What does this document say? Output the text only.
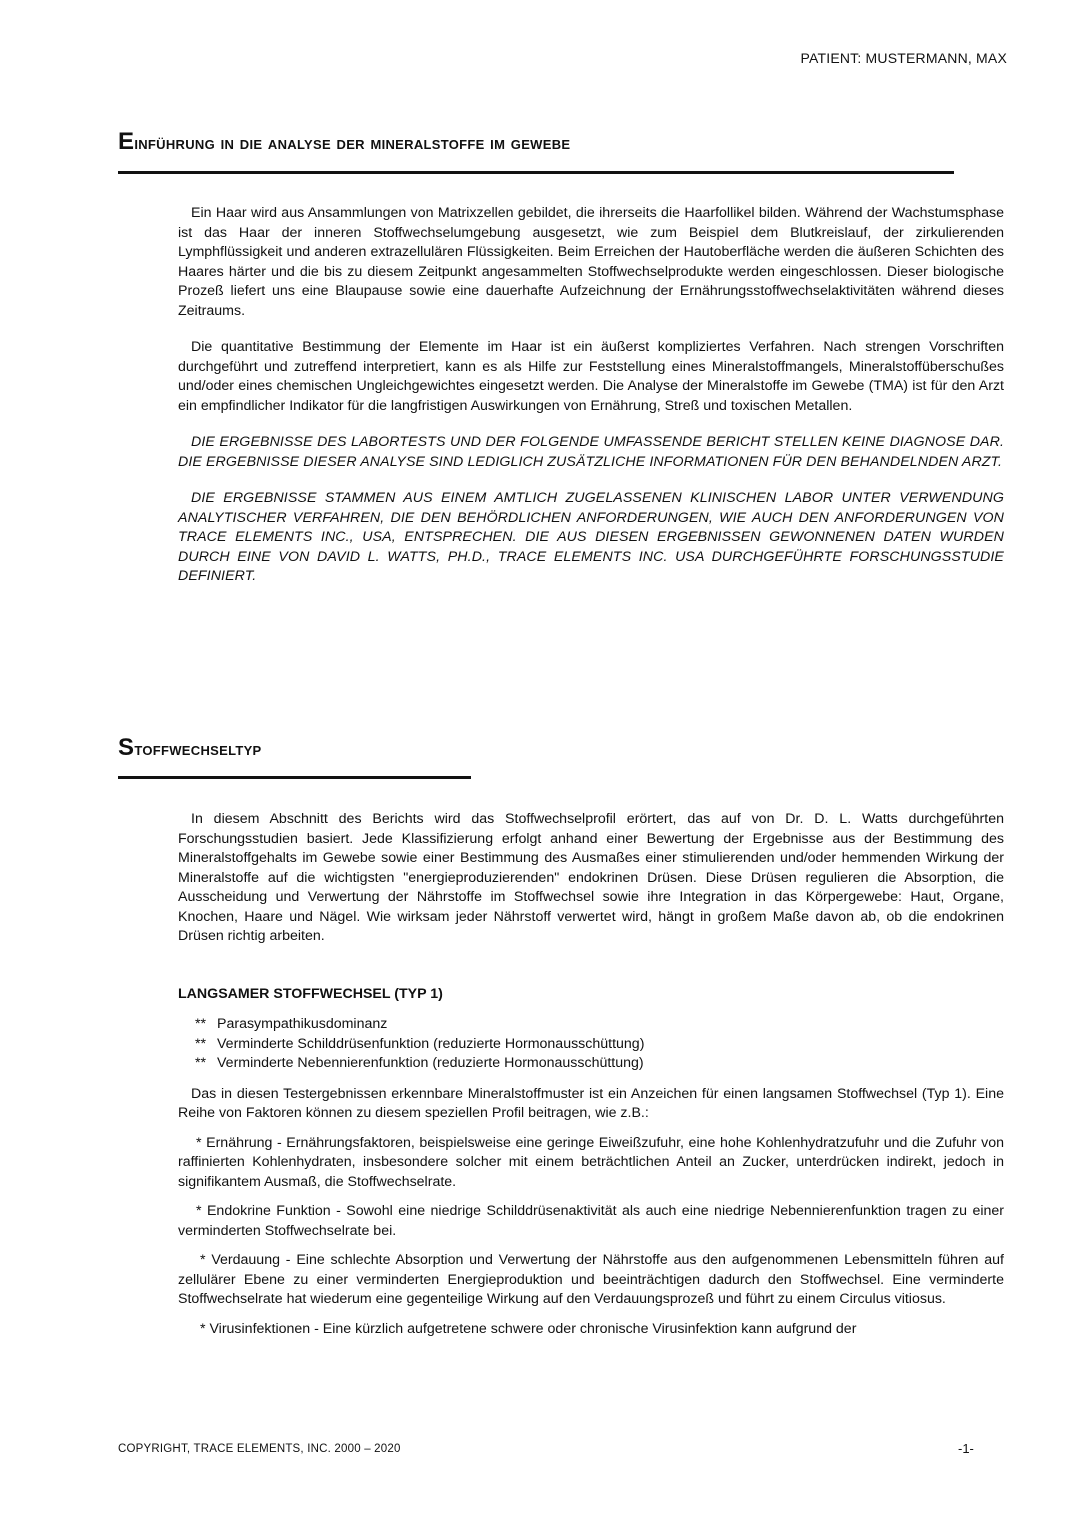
PATIENT: MUSTERMANN, MAX
Einführung in die analyse der mineralstoffe im gewebe

Ein Haar wird aus Ansammlungen von Matrixzellen gebildet, die ihrerseits die Haarfollikel bilden. Während der Wachstumsphase ist das Haar der inneren Stoffwechselumgebung ausgesetzt, wie zum Beispiel dem Blutkreislauf, der zirkulierenden Lymphflüssigkeit und anderen extrazellulären Flüssigkeiten. Beim Erreichen der Hautoberfläche werden die äußeren Schichten des Haares härter und die bis zu diesem Zeitpunkt angesammelten Stoffwechselprodukte werden eingeschlossen. Dieser biologische Prozeß liefert uns eine Blaupause sowie eine dauerhafte Aufzeichnung der Ernährungsstoffwechselaktivitäten während dieses Zeitraums.

Die quantitative Bestimmung der Elemente im Haar ist ein äußerst kompliziertes Verfahren. Nach strengen Vorschriften durchgeführt und zutreffend interpretiert, kann es als Hilfe zur Feststellung eines Mineralstoffmangels, Mineralstoffüberschußes und/oder eines chemischen Ungleichgewichtes eingesetzt werden. Die Analyse der Mineralstoffe im Gewebe (TMA) ist für den Arzt ein empfindlicher Indikator für die langfristigen Auswirkungen von Ernährung, Streß und toxischen Metallen.

DIE ERGEBNISSE DES LABORTESTS UND DER FOLGENDE UMFASSENDE BERICHT STELLEN KEINE DIAGNOSE DAR. DIE ERGEBNISSE DIESER ANALYSE SIND LEDIGLICH ZUSÄTZLICHE INFORMATIONEN FÜR DEN BEHANDELNDEN ARZT.

DIE ERGEBNISSE STAMMEN AUS EINEM AMTLICH ZUGELASSENEN KLINISCHEN LABOR UNTER VERWENDUNG ANALYTISCHER VERFAHREN, DIE DEN BEHÖRDLICHEN ANFORDERUNGEN, WIE AUCH DEN ANFORDERUNGEN VON TRACE ELEMENTS INC., USA, ENTSPRECHEN. DIE AUS DIESEN ERGEBNISSEN GEWONNENEN DATEN WURDEN DURCH EINE VON DAVID L. WATTS, PH.D., TRACE ELEMENTS INC. USA DURCHGEFÜHRTE FORSCHUNGSSTUDIE DEFINIERT.

Stoffwechseltyp

In diesem Abschnitt des Berichts wird das Stoffwechselprofil erörtert, das auf von Dr. D. L. Watts durchgeführten Forschungsstudien basiert. Jede Klassifizierung erfolgt anhand einer Bewertung der Ergebnisse aus der Bestimmung des Mineralstoffgehalts im Gewebe sowie einer Bestimmung des Ausmaßes einer stimulierenden und/oder hemmenden Wirkung der Mineralstoffe auf die wichtigsten "energieproduzierenden" endokrinen Drüsen. Diese Drüsen regulieren die Absorption, die Ausscheidung und Verwertung der Nährstoffe im Stoffwechsel sowie ihre Integration in das Körpergewebe: Haut, Organe, Knochen, Haare und Nägel. Wie wirksam jeder Nährstoff verwertet wird, hängt in großem Maße davon ab, ob die endokrinen Drüsen richtig arbeiten.

LANGSAMER STOFFWECHSEL (TYP 1)
** Parasympathikusdominanz
** Verminderte Schilddrüsenfunktion (reduzierte Hormonausschüttung)
** Verminderte Nebennierenfunktion (reduzierte Hormonausschüttung)

Das in diesen Testergebnissen erkennbare Mineralstoffmuster ist ein Anzeichen für einen langsamen Stoffwechsel (Typ 1). Eine Reihe von Faktoren können zu diesem speziellen Profil beitragen, wie z.B.:

* Ernährung - Ernährungsfaktoren, beispielsweise eine geringe Eiweißzufuhr, eine hohe Kohlenhydratzufuhr und die Zufuhr von raffinierten Kohlenhydraten, insbesondere solcher mit einem beträchtlichen Anteil an Zucker, unterdrücken indirekt, jedoch in signifikantem Ausmaß, die Stoffwechselrate.

* Endokrine Funktion - Sowohl eine niedrige Schilddrüsenaktivität als auch eine niedrige Nebennierenfunktion tragen zu einer verminderten Stoffwechselrate bei.

* Verdauung - Eine schlechte Absorption und Verwertung der Nährstoffe aus den aufgenommenen Lebensmitteln führen auf zellulärer Ebene zu einer verminderten Energieproduktion und beeinträchtigen dadurch den Stoffwechsel. Eine verminderte Stoffwechselrate hat wiederum eine gegenteilige Wirkung auf den Verdauungsprozeß und führt zu einem Circulus vitiosus.

* Virusinfektionen - Eine kürzlich aufgetretene schwere oder chronische Virusinfektion kann aufgrund der

COPYRIGHT, TRACE ELEMENTS, INC. 2000 – 2020	-1-
